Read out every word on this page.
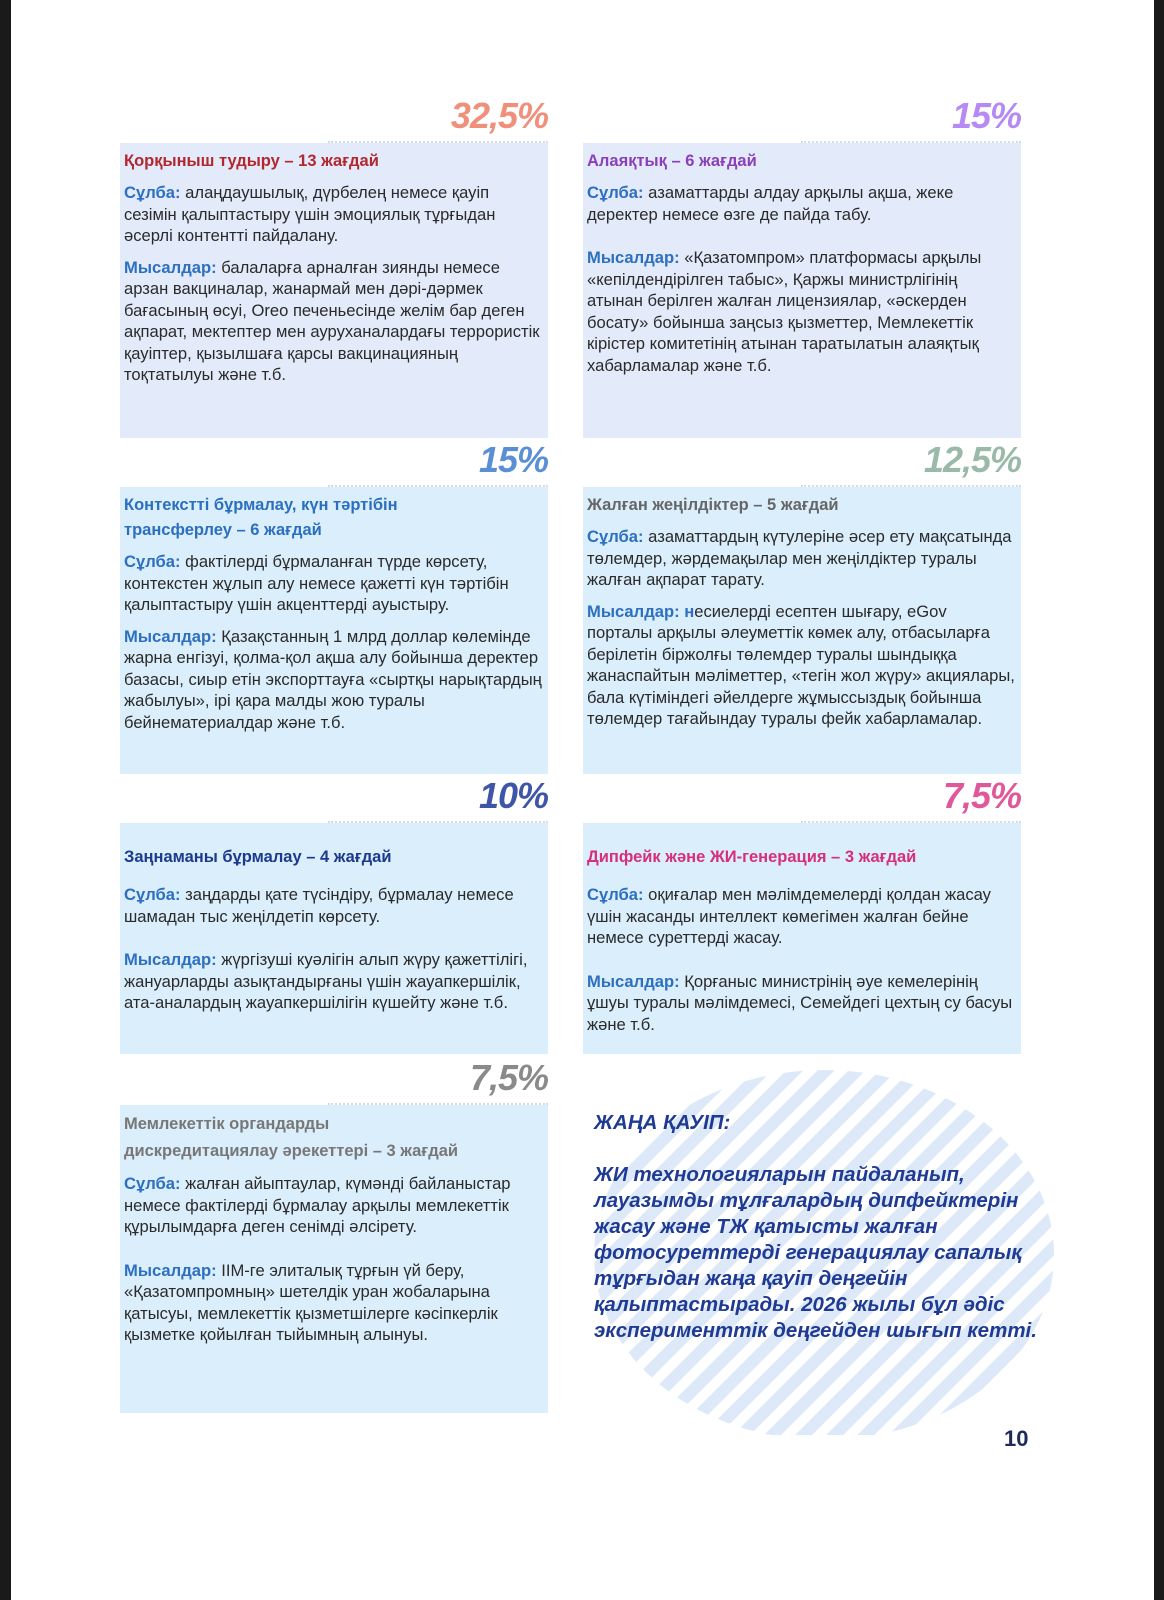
32,5%
Қорқыныш тудыру – 13 жағдай

Сұлба: алаңдаушылық, дүрбелең немесе қауіп сезімін қалыптастыру үшін эмоциялық тұрғыдан әсерлі контентті пайдалану.

Мысалдар: балаларға арналған зиянды немесе арзан вакциналар, жанармай мен дәрі-дәрмек бағасының өсуі, Oreo печеньесінде желім бар деген ақпарат, мектептер мен ауруханалардағы террористік қауіптер, қызылшаға қарсы вакцинацияның тоқтатылуы және т.б.

15%
Алаяқтық – 6 жағдай

Сұлба: азаматтарды алдау арқылы ақша, жеке деректер немесе өзге де пайда табу.

Мысалдар: «Қазатомпром» платформасы арқылы «кепілдендірілген табыс», Қаржы министрлігінің атынан берілген жалған лицензиялар, «әскерден босату» бойынша заңсыз қызметтер, Мемлекеттік кірістер комитетінің атынан таратылатын алаяқтық хабарламалар және т.б.

15%
Контекстті бұрмалау, күн тәртібін трансферлеу – 6 жағдай

Сұлба: фактілерді бұрмаланған түрде көрсету, контекстен жұлып алу немесе қажетті күн тәртібін қалыптастыру үшін акценттерді ауыстыру.

Мысалдар: Қазақстанның 1 млрд доллар көлемінде жарна енгізуі, қолма-қол ақша алу бойынша деректер базасы, сиыр етін экспорттауға «сыртқы нарықтардың жабылуы», ірі қара малды жою туралы бейнематериалдар және т.б.

12,5%
Жалған жеңілдіктер – 5 жағдай

Сұлба: азаматтардың күтулеріне әсер ету мақсатында төлемдер, жәрдемақылар мен жеңілдіктер туралы жалған ақпарат тарату.

Мысалдар: несиелерді есептен шығару, eGov порталы арқылы әлеуметтік көмек алу, отбасыларға берілетін біржолғы төлемдер туралы шындыққа жанаспайтын мәліметтер, «тегін жол жүру» акциялары, бала күтіміндегі әйелдерге жұмыссыздық бойынша төлемдер тағайындау туралы фейк хабарламалар.

10%
Заңнаманы бұрмалау – 4 жағдай

Сұлба: заңдарды қате түсіндіру, бұрмалау немесе шамадан тыс жеңілдетіп көрсету.

Мысалдар: жүргізуші куәлігін алып жүру қажеттілігі, жануарларды азықтандырғаны үшін жауапкершілік, ата-аналардың жауапкершілігін күшейту және т.б.

7,5%
Дипфейк және ЖИ-генерация – 3 жағдай

Сұлба: оқиғалар мен мәлімдемелерді қолдан жасау үшін жасанды интеллект көмегімен жалған бейне немесе суреттерді жасау.

Мысалдар: Қорғаныс министрінің әуе кемелерінің ұшуы туралы мәлімдемесі, Семейдегі цехтың су басуы және т.б.

7,5%
Мемлекеттік органдарды дискредитациялау әрекеттері – 3 жағдай

Сұлба: жалған айыптаулар, күмәнді байланыстар немесе фактілерді бұрмалау арқылы мемлекеттік құрылымдарға деген сенімді әлсірету.

Мысалдар: ІІМ-ге элиталық тұрғын үй беру, «Қазатомпромның» шетелдік уран жобаларына қатысуы, мемлекеттік қызметшілерге кәсіпкерлік қызметке қойылған тыйымның алынуы.

ЖАҢА ҚАУІП:
ЖИ технологияларын пайдаланып, лауазымды тұлғалардың дипфейктерін жасау және ТЖ қатысты жалған фотосуреттерді генерациялау сапалық тұрғыдан жаңа қауіп деңгейін қалыптастырады. 2026 жылы бұл әдіс эксперименттік деңгейден шығып кетті.
10
